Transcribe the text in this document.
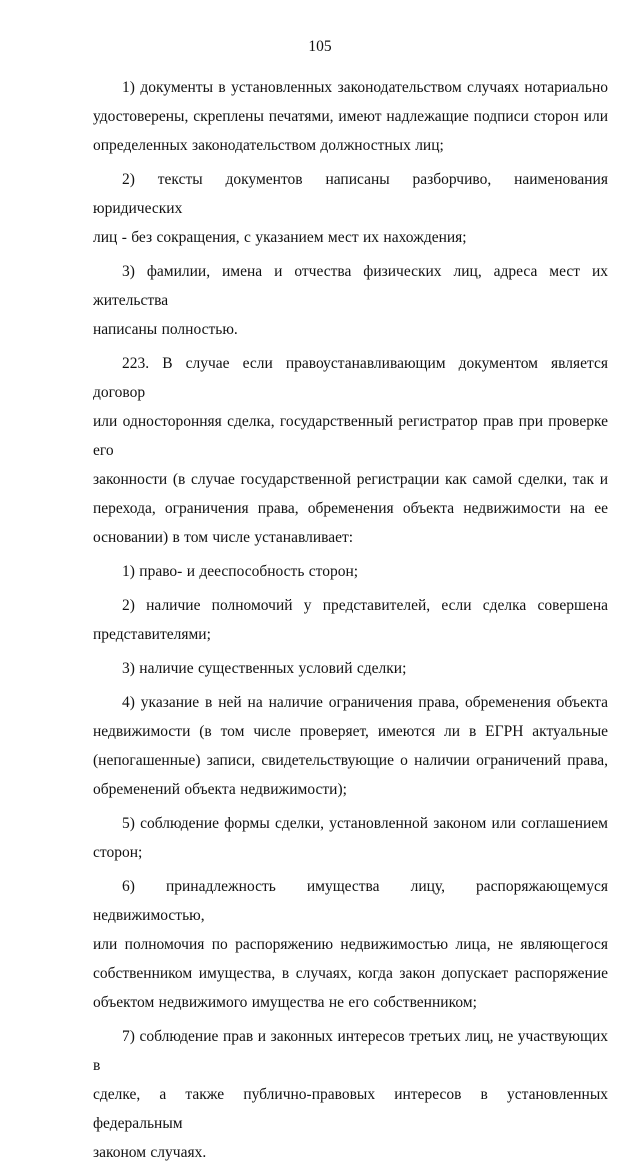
105

1) документы в установленных законодательством случаях нотариально
удостоверены, скреплены печатями, имеют надлежащие подписи сторон или
определенных законодательством должностных лиц;

2) тексты документов написаны разборчиво, наименования юридических
лиц - без сокращения, с указанием мест их нахождения;

3) фамилии, имена и отчества физических лиц, адреса мест их жительства
написаны полностью.

223. В случае если правоустанавливающим документом является договор
или односторонняя сделка, государственный регистратор прав при проверке его
законности (в случае государственной регистрации как самой сделки, так и
перехода, ограничения права, обременения объекта недвижимости на ее
основании) в том числе устанавливает:

1) право- и дееспособность сторон;

2) наличие полномочий у представителей, если сделка совершена
представителями;

3) наличие существенных условий сделки;

4) указание в ней на наличие ограничения права, обременения объекта
недвижимости (в том числе проверяет, имеются ли в ЕГРН актуальные
(непогашенные) записи, свидетельствующие о наличии ограничений права,
обременений объекта недвижимости);

5) соблюдение формы сделки, установленной законом или соглашением
сторон;

6) принадлежность имущества лицу, распоряжающемуся недвижимостью,
или полномочия по распоряжению недвижимостью лица, не являющегося
собственником имущества, в случаях, когда закон допускает распоряжение
объектом недвижимого имущества не его собственником;

7) соблюдение прав и законных интересов третьих лиц, не участвующих в
сделке, а также публично-правовых интересов в установленных федеральным
законом случаях.
